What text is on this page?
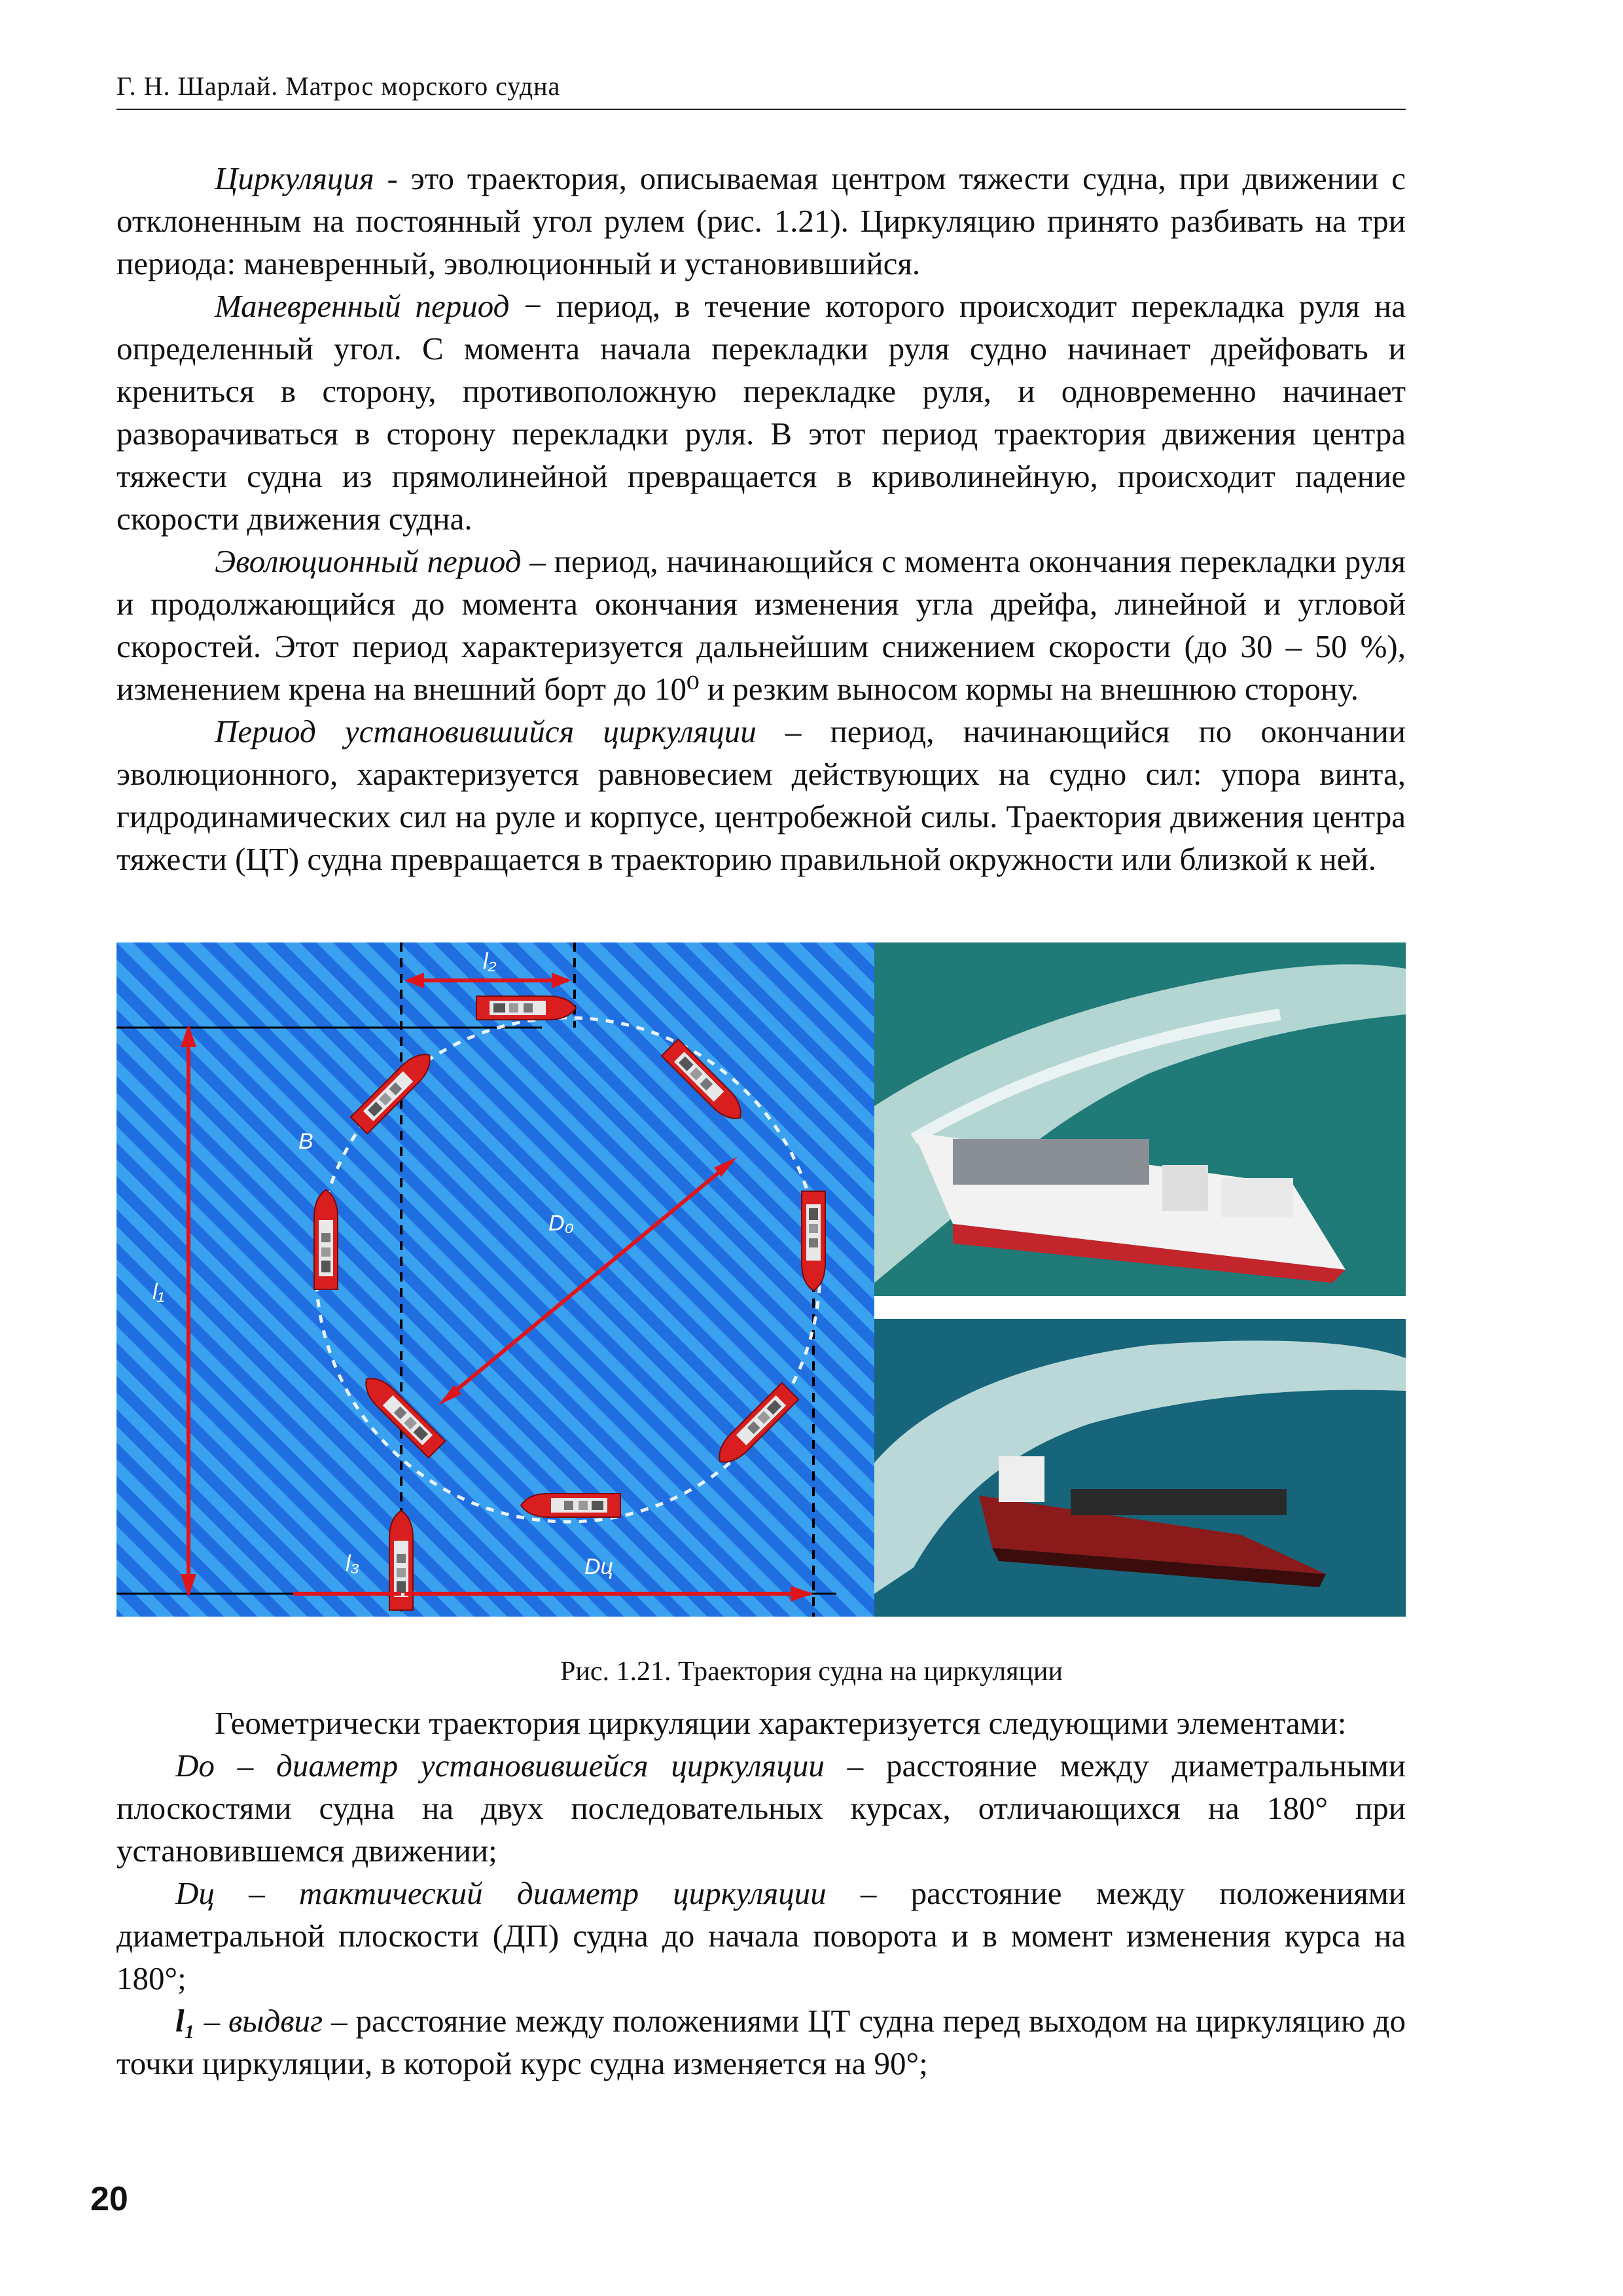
Г. Н. Шарлай. Матрос морского судна

Циркуляция - это траектория, описываемая центром тяжести судна, при движении с отклоненным на постоянный угол рулем (рис. 1.21). Циркуляцию принято разбивать на три периода: маневренный, эволюционный и установившийся.

Маневренный период − период, в течение которого происходит перекладка руля на определенный угол. С момента начала перекладки руля судно начинает дрейфовать и крениться в сторону, противоположную перекладке руля, и одновременно начинает разворачиваться в сторону перекладки руля. В этот период траектория движения центра тяжести судна из прямолинейной превращается в криволинейную, происходит падение скорости движения судна.

Эволюционный период – период, начинающийся с момента окончания перекладки руля и продолжающийся до момента окончания изменения угла дрейфа, линейной и угловой скоростей. Этот период характеризуется дальнейшим снижением скорости (до 30 – 50 %), изменением крена на внешний борт до 10⁰ и резким выносом кормы на внешнюю сторону.

Период установившийся циркуляции – период, начинающийся по окончании эволюционного, характеризуется равновесием действующих на судно сил: упора винта, гидродинамических сил на руле и корпусе, центробежной силы. Траектория движения центра тяжести (ЦТ) судна превращается в траекторию правильной окружности или близкой к ней.

l₂
l₁
D₀
B
l₃	Dц
Рис. 1.21. Траектория судна на циркуляции

Геометрически траектория циркуляции характеризуется следующими элементами:

Do – диаметр установившейся циркуляции – расстояние между диаметральными плоскостями судна на двух последовательных курсах, отличающихся на 180° при установившемся движении;

Dц – тактический диаметр циркуляции – расстояние между положениями диаметральной плоскости (ДП) судна до начала поворота и в момент изменения курса на 180°;

l₁ – выдвиг – расстояние между положениями ЦТ судна перед выходом на циркуляцию до точки циркуляции, в которой курс судна изменяется на 90°;

20
